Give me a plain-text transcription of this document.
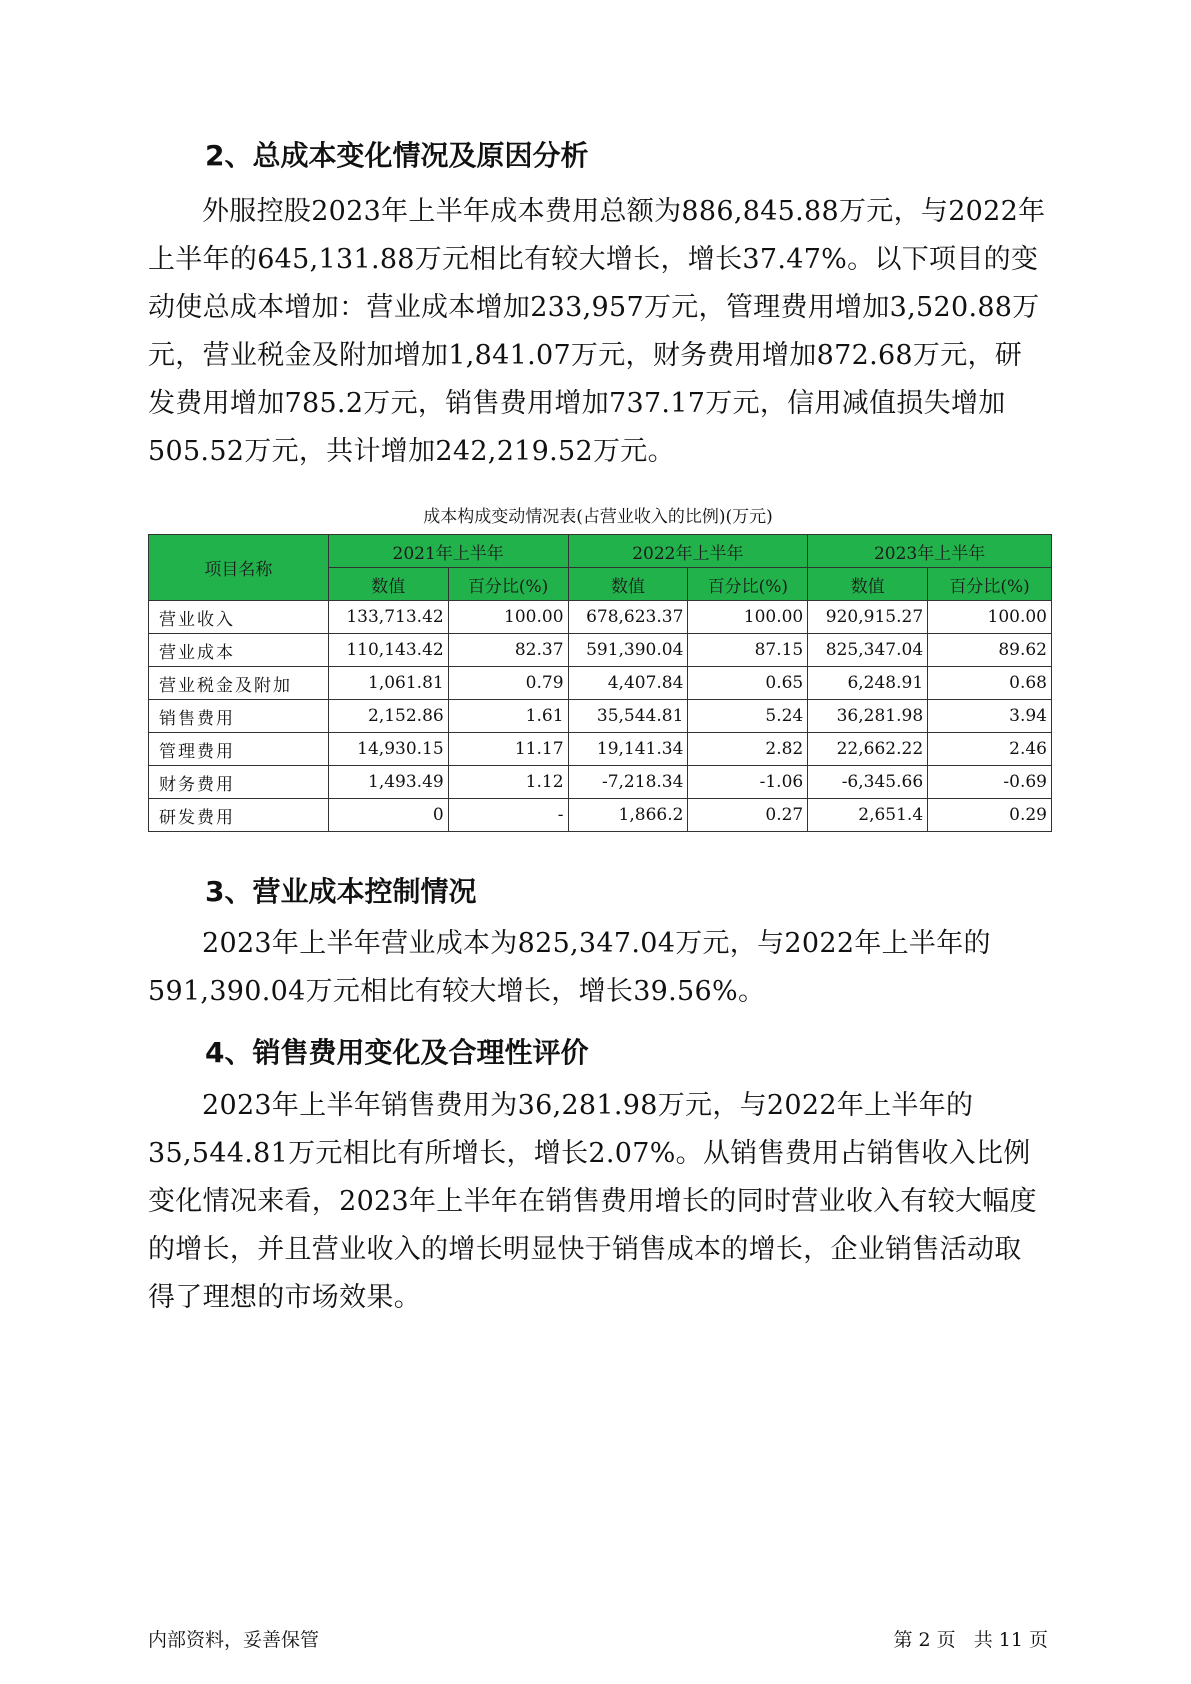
2、总成本变化情况及原因分析

外服控股2023年上半年成本费用总额为886,845.88万元，与2022年上半年的645,131.88万元相比有较大增长，增长37.47%。以下项目的变动使总成本增加：营业成本增加233,957万元，管理费用增加3,520.88万元，营业税金及附加增加1,841.07万元，财务费用增加872.68万元，研发费用增加785.2万元，销售费用增加737.17万元，信用减值损失增加505.52万元，共计增加242,219.52万元。

成本构成变动情况表(占营业收入的比例)(万元)
项目名称	2021年上半年		2022年上半年		2023年上半年	
	数值	百分比(%)	数值	百分比(%)	数值	百分比(%)
营业收入	133,713.42	100.00	678,623.37	100.00	920,915.27	100.00
营业成本	110,143.42	82.37	591,390.04	87.15	825,347.04	89.62
营业税金及附加	1,061.81	0.79	4,407.84	0.65	6,248.91	0.68
销售费用	2,152.86	1.61	35,544.81	5.24	36,281.98	3.94
管理费用	14,930.15	11.17	19,141.34	2.82	22,662.22	2.46
财务费用	1,493.49	1.12	-7,218.34	-1.06	-6,345.66	-0.69
研发费用	0	-	1,866.2	0.27	2,651.4	0.29
3、营业成本控制情况

2023年上半年营业成本为825,347.04万元，与2022年上半年的591,390.04万元相比有较大增长，增长39.56%。

4、销售费用变化及合理性评价

2023年上半年销售费用为36,281.98万元，与2022年上半年的35,544.81万元相比有所增长，增长2.07%。从销售费用占销售收入比例变化情况来看，2023年上半年在销售费用增长的同时营业收入有较大幅度的增长，并且营业收入的增长明显快于销售成本的增长，企业销售活动取得了理想的市场效果。

内部资料，妥善保管	第 2 页   共 11 页
